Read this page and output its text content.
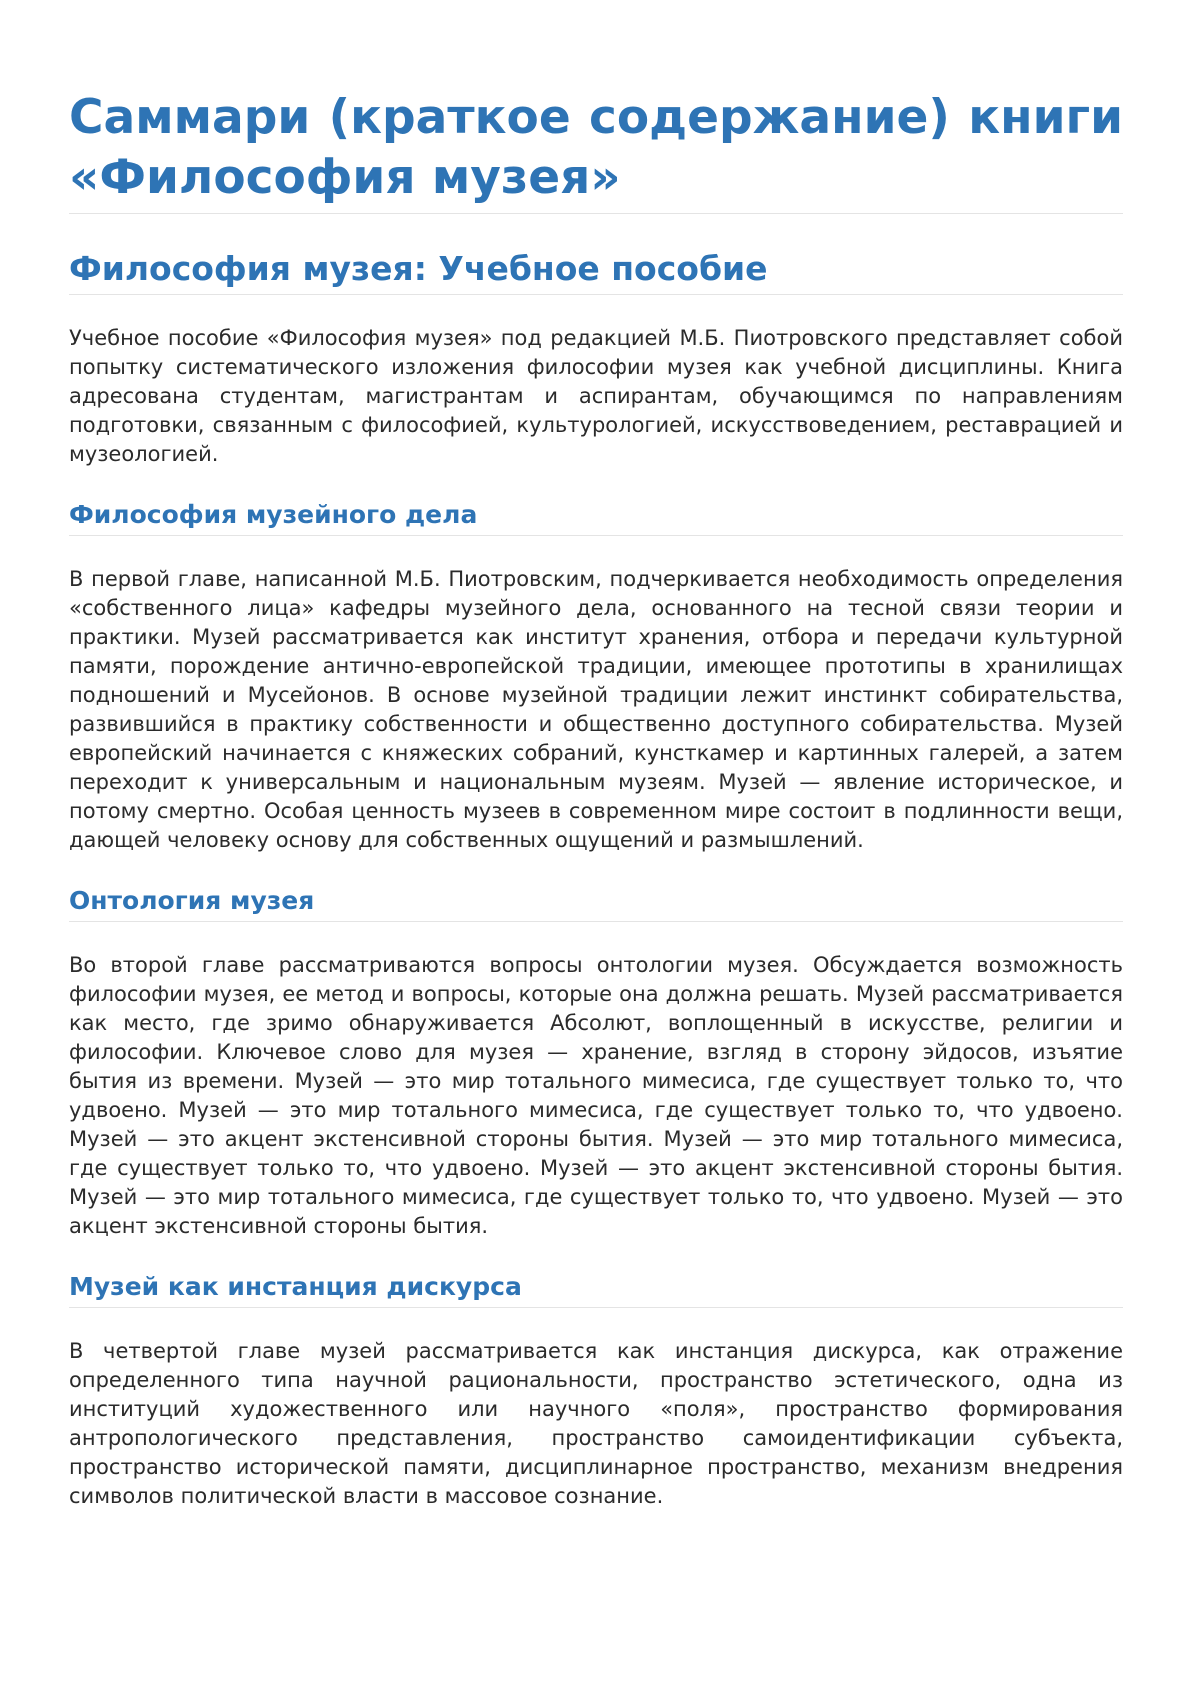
Саммари (краткое содержание) книги «Философия музея»
Философия музея: Учебное пособие

Учебное пособие «Философия музея» под редакцией М.Б. Пиотровского представляет собой попытку систематического изложения философии музея как учебной дисциплины. Книга адресована студентам, магистрантам и аспирантам, обучающимся по направлениям подготовки, связанным с философией, культурологией, искусствоведением, реставрацией и музеологией.

Философия музейного дела

В первой главе, написанной М.Б. Пиотровским, подчеркивается необходимость определения «собственного лица» кафедры музейного дела, основанного на тесной связи теории и практики. Музей рассматривается как институт хранения, отбора и передачи культурной памяти, порождение антично-европейской традиции, имеющее прототипы в хранилищах подношений и Мусейонов. В основе музейной традиции лежит инстинкт собирательства, развившийся в практику собственности и общественно доступного собирательства. Музей европейский начинается с княжеских собраний, кунсткамер и картинных галерей, а затем переходит к универсальным и национальным музеям. Музей — явление историческое, и потому смертно. Особая ценность музеев в современном мире состоит в подлинности вещи, дающей человеку основу для собственных ощущений и размышлений.

Онтология музея

Во второй главе рассматриваются вопросы онтологии музея. Обсуждается возможность философии музея, ее метод и вопросы, которые она должна решать. Музей рассматривается как место, где зримо обнаруживается Абсолют, воплощенный в искусстве, религии и философии. Ключевое слово для музея — хранение, взгляд в сторону эйдосов, изъятие бытия из времени. Музей — это мир тотального мимесиса, где существует только то, что удвоено. Музей — это мир тотального мимесиса, где существует только то, что удвоено. Музей — это акцент экстенсивной стороны бытия. Музей — это мир тотального мимесиса, где существует только то, что удвоено. Музей — это акцент экстенсивной стороны бытия. Музей — это мир тотального мимесиса, где существует только то, что удвоено. Музей — это акцент экстенсивной стороны бытия.

Музей как инстанция дискурса

В четвертой главе музей рассматривается как инстанция дискурса, как отражение определенного типа научной рациональности, пространство эстетического, одна из институций художественного или научного «поля», пространство формирования антропологического представления, пространство самоидентификации субъекта, пространство исторической памяти, дисциплинарное пространство, механизм внедрения символов политической власти в массовое сознание.
